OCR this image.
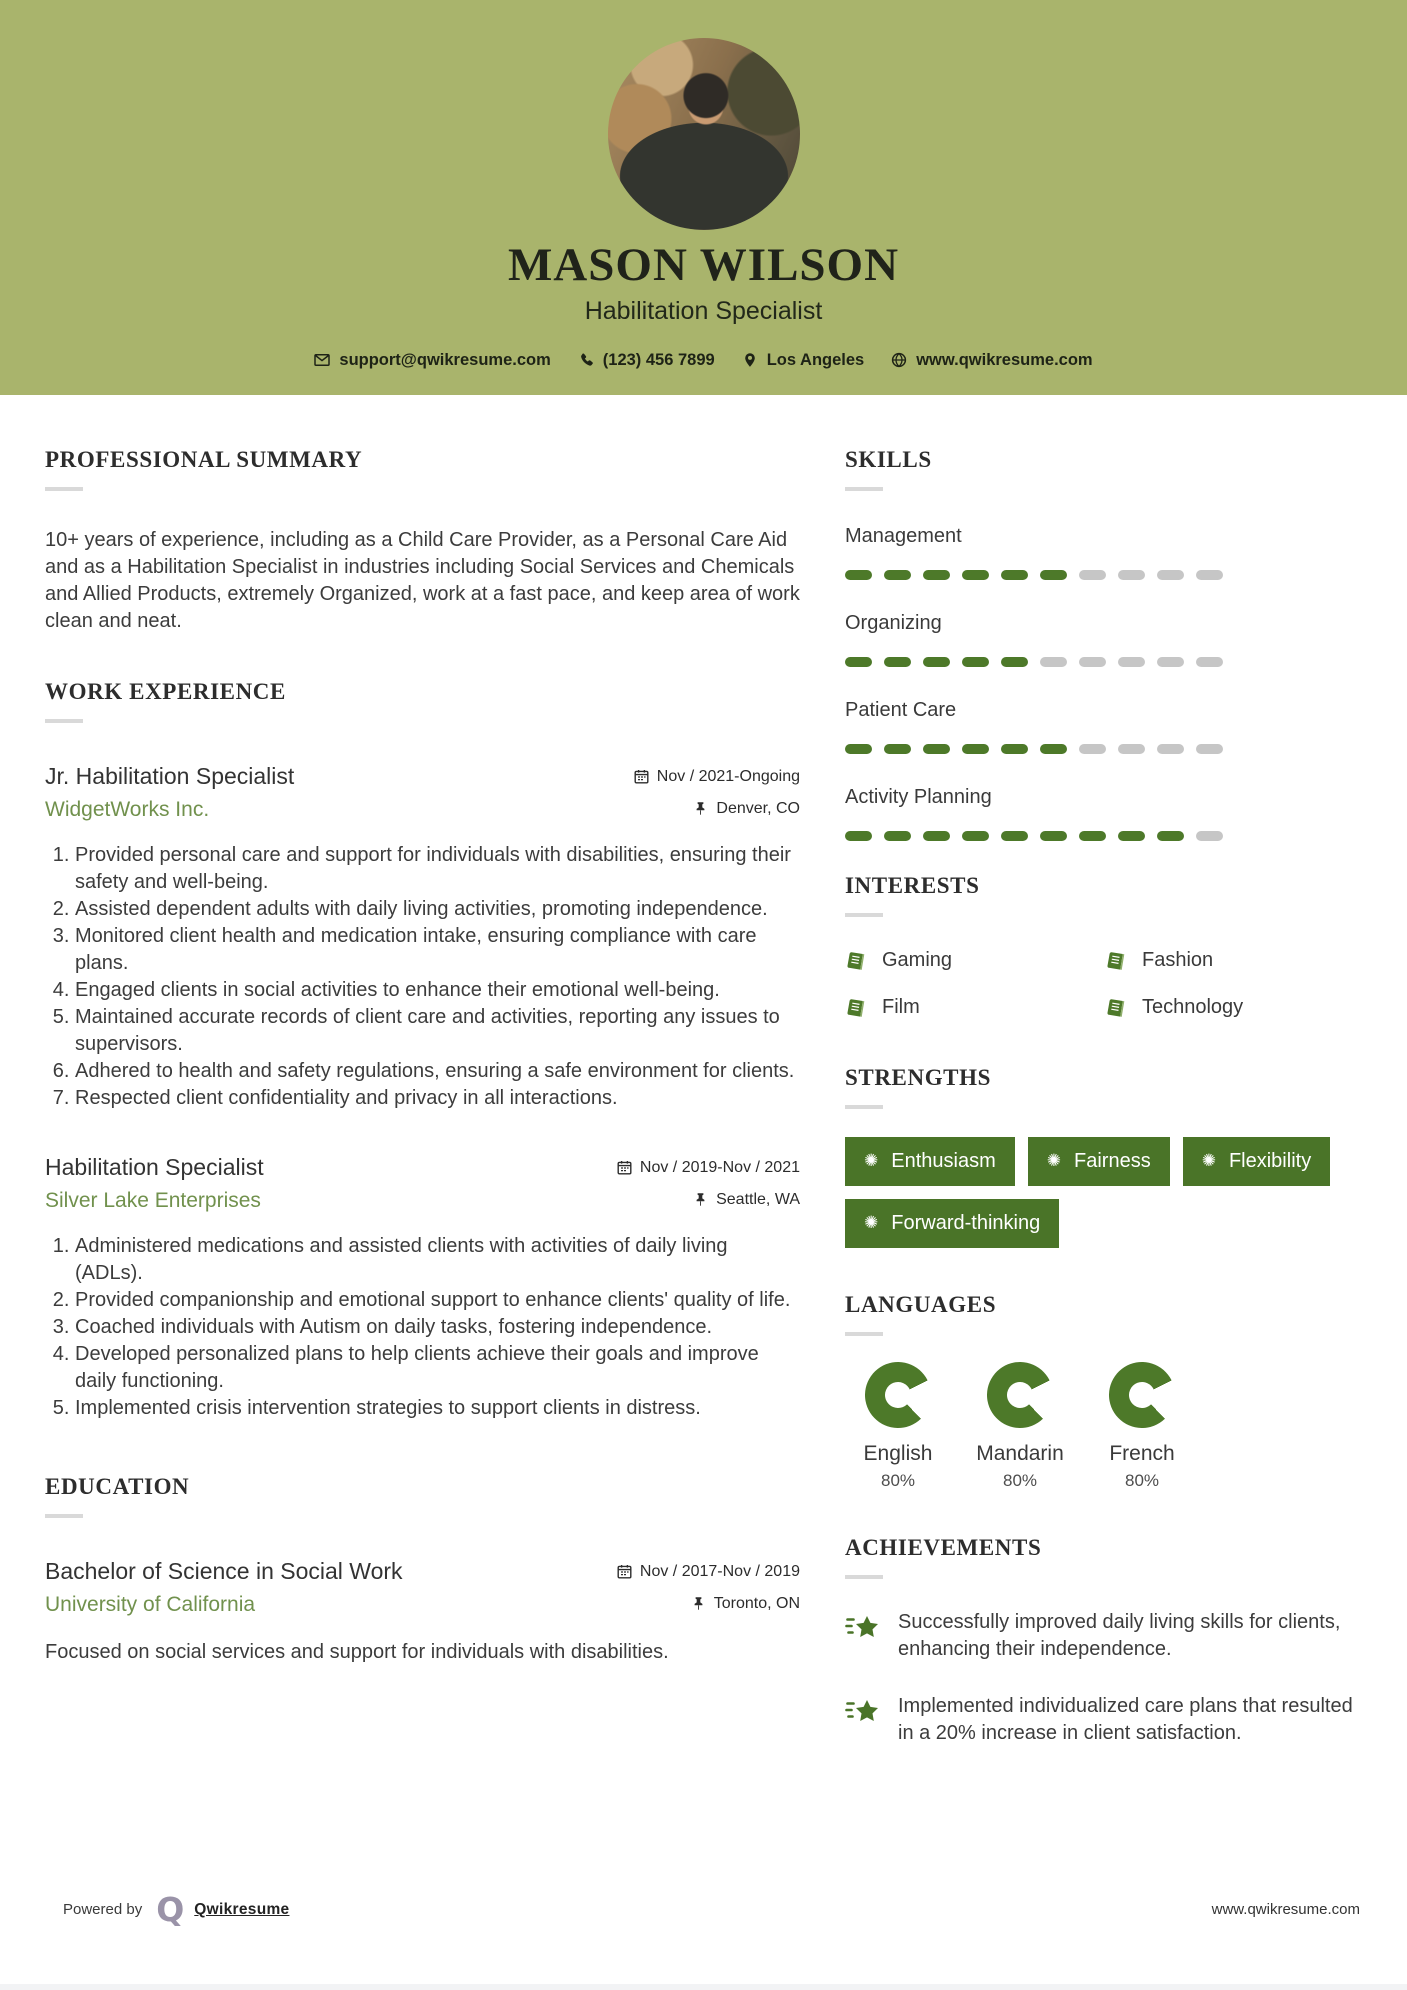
MASON WILSON
Habilitation Specialist
support@qwikresume.com	(123) 456 7899	Los Angeles	www.qwikresume.com
PROFESSIONAL SUMMARY

10+ years of experience, including as a Child Care Provider, as a Personal Care Aid and as a Habilitation Specialist in industries including Social Services and Chemicals and Allied Products, extremely Organized, work at a fast pace, and keep area of work clean and neat.

WORK EXPERIENCE
Jr. Habilitation Specialist	Nov / 2021-Ongoing
WidgetWorks Inc.	Denver, CO
1. Provided personal care and support for individuals with disabilities, ensuring their safety and well-being.
2. Assisted dependent adults with daily living activities, promoting independence.
3. Monitored client health and medication intake, ensuring compliance with care plans.
4. Engaged clients in social activities to enhance their emotional well-being.
5. Maintained accurate records of client care and activities, reporting any issues to supervisors.
6. Adhered to health and safety regulations, ensuring a safe environment for clients.
7. Respected client confidentiality and privacy in all interactions.
Habilitation Specialist	Nov / 2019-Nov / 2021
Silver Lake Enterprises	Seattle, WA
1. Administered medications and assisted clients with activities of daily living (ADLs).
2. Provided companionship and emotional support to enhance clients' quality of life.
3. Coached individuals with Autism on daily tasks, fostering independence.
4. Developed personalized plans to help clients achieve their goals and improve daily functioning.
5. Implemented crisis intervention strategies to support clients in distress.
EDUCATION
Bachelor of Science in Social Work	Nov / 2017-Nov / 2019
University of California	Toronto, ON

Focused on social services and support for individuals with disabilities.

SKILLS
Management
Organizing
Patient Care
Activity Planning
INTERESTS
Gaming	Fashion
Film	Technology
STRENGTHS
✺ Enthusiasm	✺ Fairness	✺ Flexibility
✺ Forward-thinking
LANGUAGES
English
80%
Mandarin
80%
French
80%
ACHIEVEMENTS
Successfully improved daily living skills for clients, enhancing their independence.
Implemented individualized care plans that resulted in a 20% increase in client satisfaction.
Powered by Q Qwikresume	www.qwikresume.com
